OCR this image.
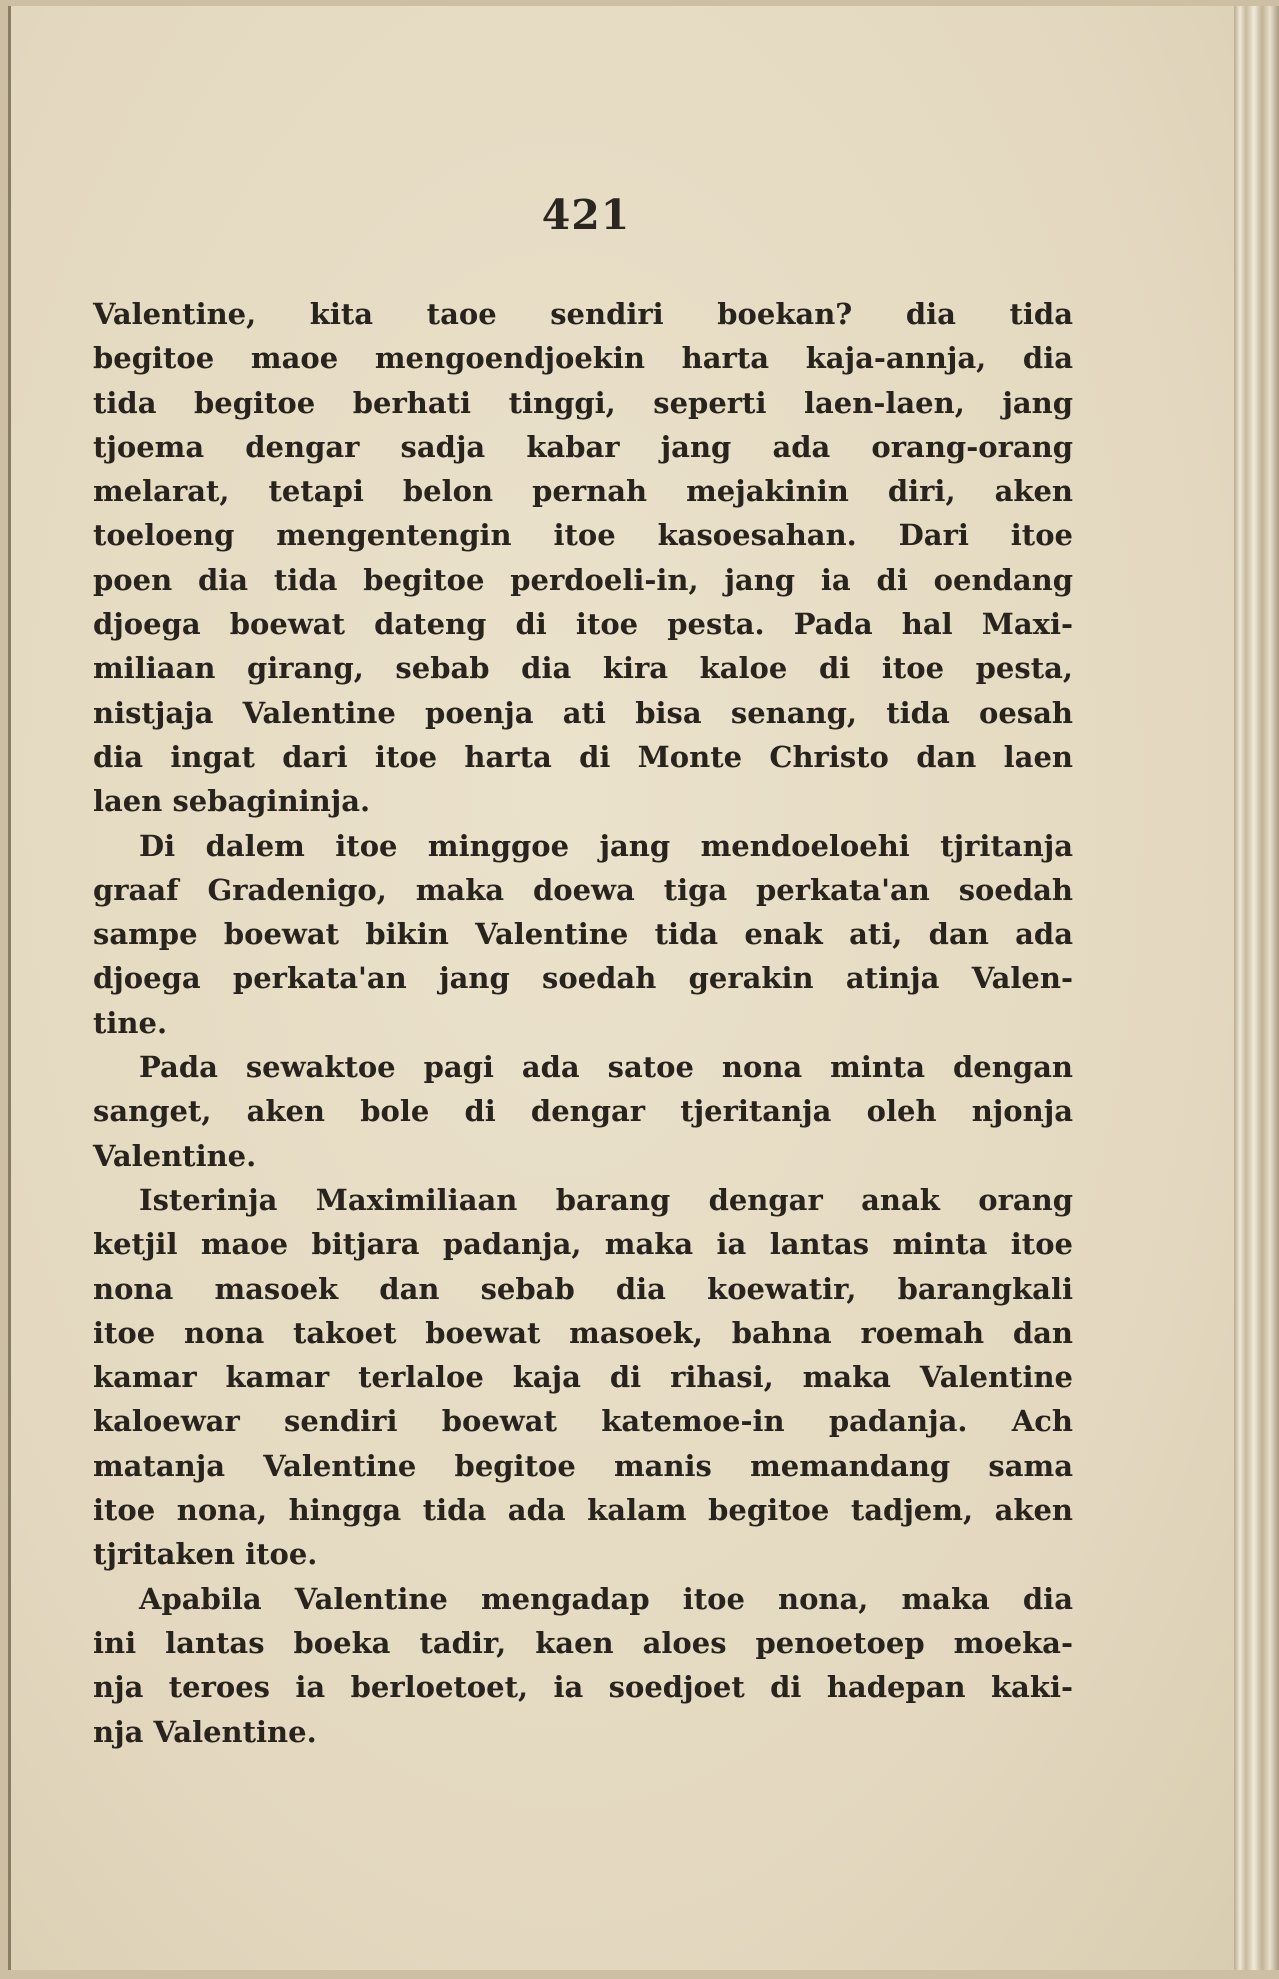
421
Valentine, kita taoe sendiri boekan? dia tida
begitoe maoe mengoendjoekin harta kaja-annja, dia
tida begitoe berhati tinggi, seperti laen-laen, jang
tjoema dengar sadja kabar jang ada orang-orang
melarat, tetapi belon pernah mejakinin diri, aken
toeloeng mengentengin itoe kasoesahan. Dari itoe
poen dia tida begitoe perdoeli-in, jang ia di oendang
djoega boewat dateng di itoe pesta. Pada hal Maxi-
miliaan girang, sebab dia kira kaloe di itoe pesta,
nistjaja Valentine poenja ati bisa senang, tida oesah
dia ingat dari itoe harta di Monte Christo dan laen
laen sebagininja.
Di dalem itoe minggoe jang mendoeloehi tjritanja
graaf Gradenigo, maka doewa tiga perkata'an soedah
sampe boewat bikin Valentine tida enak ati, dan ada
djoega perkata'an jang soedah gerakin atinja Valen-
tine.
Pada sewaktoe pagi ada satoe nona minta dengan
sanget, aken bole di dengar tjeritanja oleh njonja
Valentine.
Isterinja Maximiliaan barang dengar anak orang
ketjil maoe bitjara padanja, maka ia lantas minta itoe
nona masoek dan sebab dia koewatir, barangkali
itoe nona takoet boewat masoek, bahna roemah dan
kamar kamar terlaloe kaja di rihasi, maka Valentine
kaloewar sendiri boewat katemoe-in padanja. Ach
matanja Valentine begitoe manis memandang sama
itoe nona, hingga tida ada kalam begitoe tadjem, aken
tjritaken itoe.
Apabila Valentine mengadap itoe nona, maka dia
ini lantas boeka tadir, kaen aloes penoetoep moeka-
nja teroes ia berloetoet, ia soedjoet di hadepan kaki-
nja Valentine.
